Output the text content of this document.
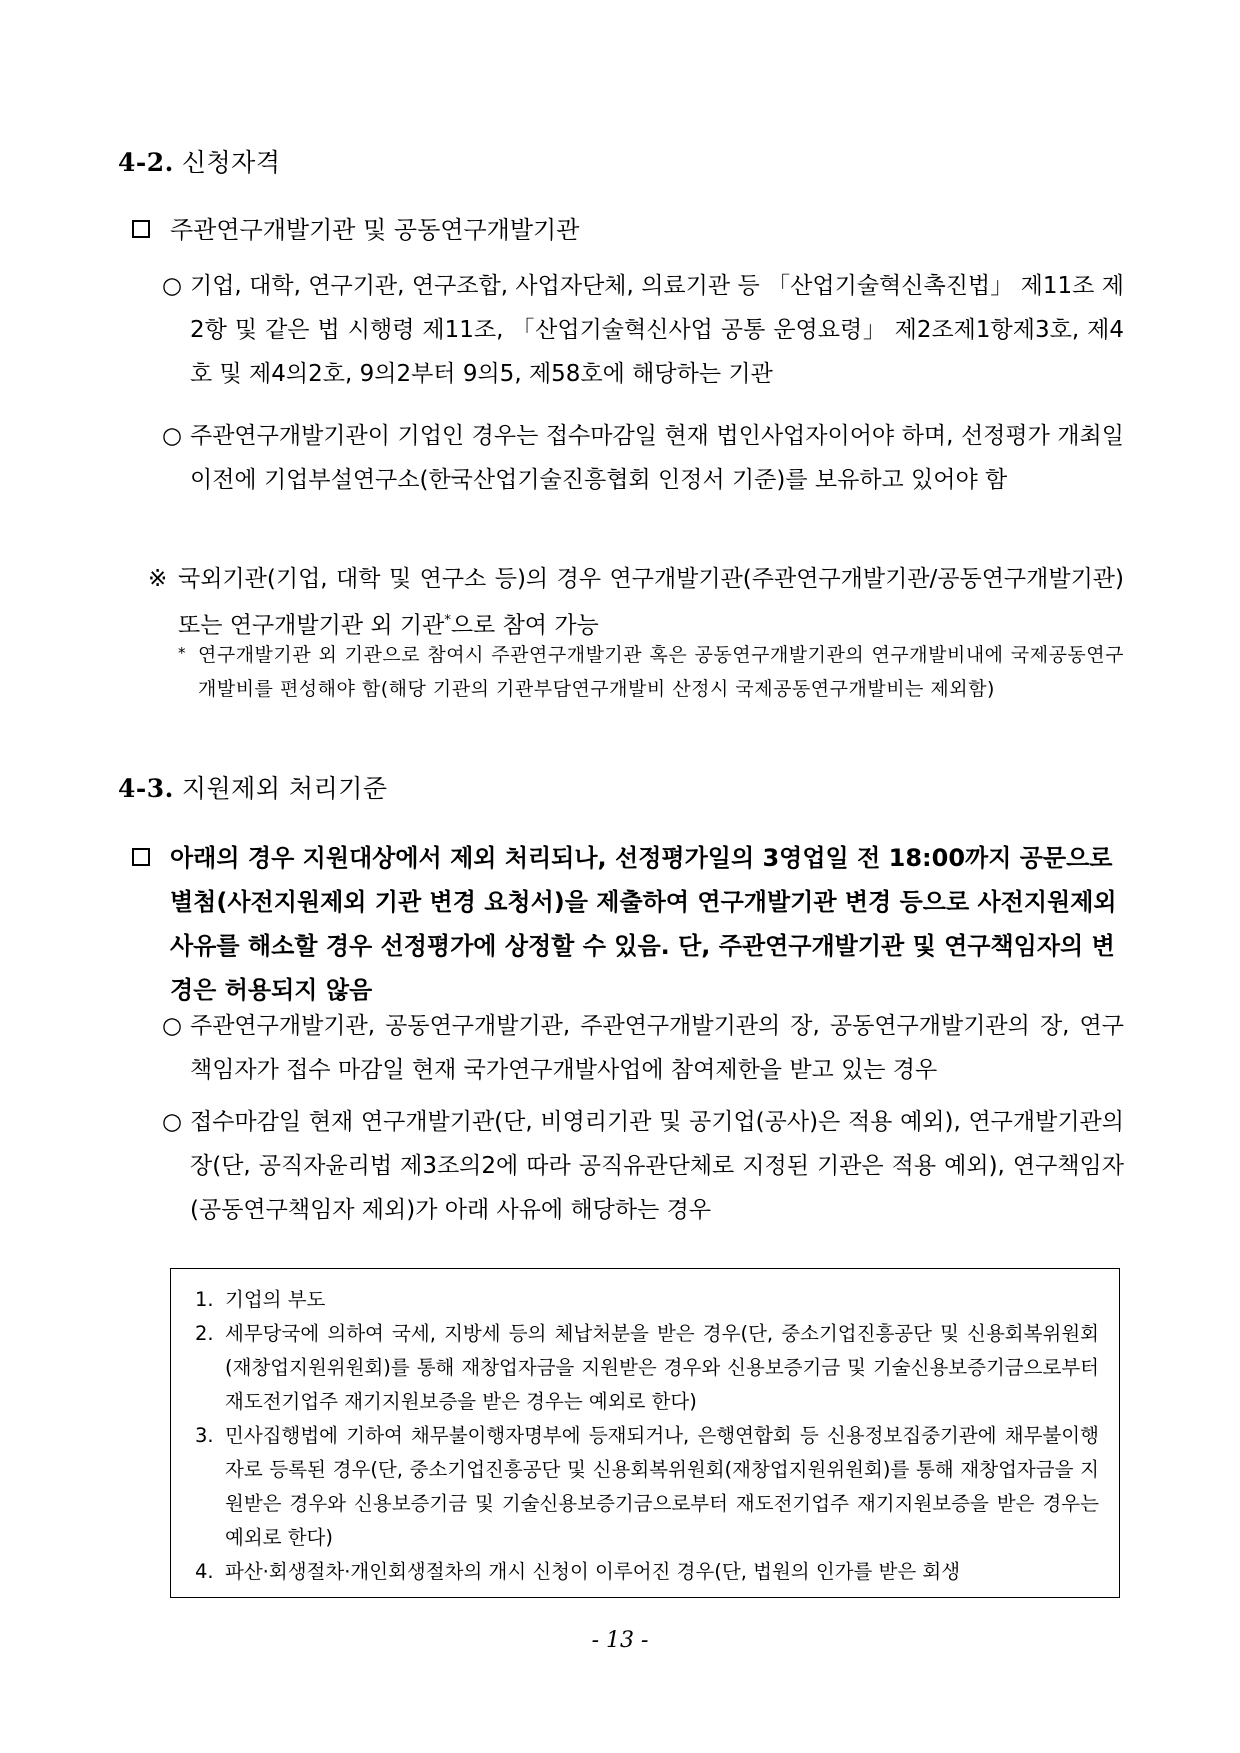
4-2. 신청자격
주관연구개발기관 및 공동연구개발기관
○ 기업, 대학, 연구기관, 연구조합, 사업자단체, 의료기관 등 「산업기술혁신촉진법」 제11조 제2항 및 같은 법 시행령 제11조, 「산업기술혁신사업 공통 운영요령」 제2조제1항제3호, 제4호 및 제4의2호, 9의2부터 9의5, 제58호에 해당하는 기관
○ 주관연구개발기관이 기업인 경우는 접수마감일 현재 법인사업자이어야 하며, 선정평가 개최일 이전에 기업부설연구소(한국산업기술진흥협회 인정서 기준)를 보유하고 있어야 함
※ 국외기관(기업, 대학 및 연구소 등)의 경우 연구개발기관(주관연구개발기관/공동연구개발기관) 또는 연구개발기관 외 기관*으로 참여 가능
* 연구개발기관 외 기관으로 참여시 주관연구개발기관 혹은 공동연구개발기관의 연구개발비내에 국제공동연구개발비를 편성해야 함(해당 기관의 기관부담연구개발비 산정시 국제공동연구개발비는 제외함)
4-3. 지원제외 처리기준
아래의 경우 지원대상에서 제외 처리되나, 선정평가일의 3영업일 전 18:00까지 공문으로 별첨(사전지원제외 기관 변경 요청서)을 제출하여 연구개발기관 변경 등으로 사전지원제외 사유를 해소할 경우 선정평가에 상정할 수 있음. 단, 주관연구개발기관 및 연구책임자의 변경은 허용되지 않음
○ 주관연구개발기관, 공동연구개발기관, 주관연구개발기관의 장, 공동연구개발기관의 장, 연구책임자가 접수 마감일 현재 국가연구개발사업에 참여제한을 받고 있는 경우
○ 접수마감일 현재 연구개발기관(단, 비영리기관 및 공기업(공사)은 적용 예외), 연구개발기관의 장(단, 공직자윤리법 제3조의2에 따라 공직유관단체로 지정된 기관은 적용 예외), 연구책임자(공동연구책임자 제외)가 아래 사유에 해당하는 경우
1. 기업의 부도
2. 세무당국에 의하여 국세, 지방세 등의 체납처분을 받은 경우(단, 중소기업진흥공단 및 신용회복위원회(재창업지원위원회)를 통해 재창업자금을 지원받은 경우와 신용보증기금 및 기술신용보증기금으로부터 재도전기업주 재기지원보증을 받은 경우는 예외로 한다)
3. 민사집행법에 기하여 채무불이행자명부에 등재되거나, 은행연합회 등 신용정보집중기관에 채무불이행자로 등록된 경우(단, 중소기업진흥공단 및 신용회복위원회(재창업지원위원회)를 통해 재창업자금을 지원받은 경우와 신용보증기금 및 기술신용보증기금으로부터 재도전기업주 재기지원보증을 받은 경우는 예외로 한다)
4. 파산·회생절차·개인회생절차의 개시 신청이 이루어진 경우(단, 법원의 인가를 받은 회생
- 13 -
